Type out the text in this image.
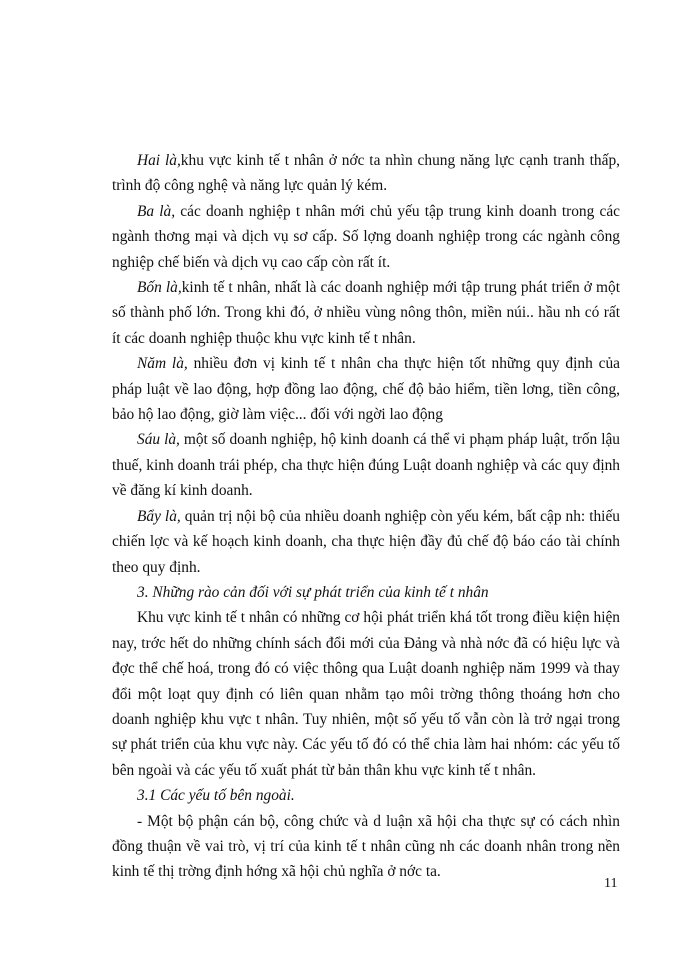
Hai là,khu vực kinh tế t nhân ở nớc ta nhìn chung năng lực cạnh tranh thấp, trình độ công nghệ và năng lực quản lý kém.

Ba là, các doanh nghiệp t nhân mới chủ yếu tập trung kinh doanh trong các ngành thơng mại và dịch vụ sơ cấp. Số lợng doanh nghiệp trong các ngành công nghiệp chế biến và dịch vụ cao cấp còn rất ít.

Bốn là,kinh tế t nhân, nhất là các doanh nghiệp mới tập trung phát triển ở một số thành phố lớn. Trong khi đó, ở nhiều vùng nông thôn, miền núi.. hầu nh có rất ít các doanh nghiệp thuộc khu vực kinh tế t nhân.

Năm là, nhiều đơn vị kinh tế t nhân cha thực hiện tốt những quy định của pháp luật về lao động, hợp đồng lao động, chế độ bảo hiểm, tiền lơng, tiền công, bảo hộ lao động, giờ làm việc... đối với ngời lao động

Sáu là, một số doanh nghiệp, hộ kinh doanh cá thể vi phạm pháp luật, trốn lậu thuế, kinh doanh trái phép, cha thực hiện đúng Luật doanh nghiệp và các quy định về đăng kí kinh doanh.

Bẩy là, quản trị nội bộ của nhiều doanh nghiệp còn yếu kém, bất cập nh: thiếu chiến lợc và kế hoạch kinh doanh, cha thực hiện đầy đủ chế độ báo cáo tài chính theo quy định.

3. Những rào cản đối với sự phát triển của kinh tế t nhân

Khu vực kinh tế t nhân có những cơ hội phát triển khá tốt trong điều kiện hiện nay, trớc hết do những chính sách đổi mới của Đảng và nhà nớc đã có hiệu lực và đợc thể chế hoá, trong đó có việc thông qua Luật doanh nghiệp năm 1999 và thay đổi một loạt quy định có liên quan nhằm tạo môi trờng thông thoáng hơn cho doanh nghiệp khu vực t nhân. Tuy nhiên, một số yếu tố vẫn còn là trở ngại trong sự phát triển của khu vực này. Các yếu tố đó có thể chia làm hai nhóm: các yếu tố bên ngoài và các yếu tố xuất phát từ bản thân khu vực kinh tế t nhân.

3.1 Các yếu tố bên ngoài.

- Một bộ phận cán bộ, công chức và d luận xã hội cha thực sự có cách nhìn đồng thuận về vai trò, vị trí của kinh tế t nhân cũng nh các doanh nhân trong nền kinh tế thị trờng định hớng xã hội chủ nghĩa ở nớc ta.

11
